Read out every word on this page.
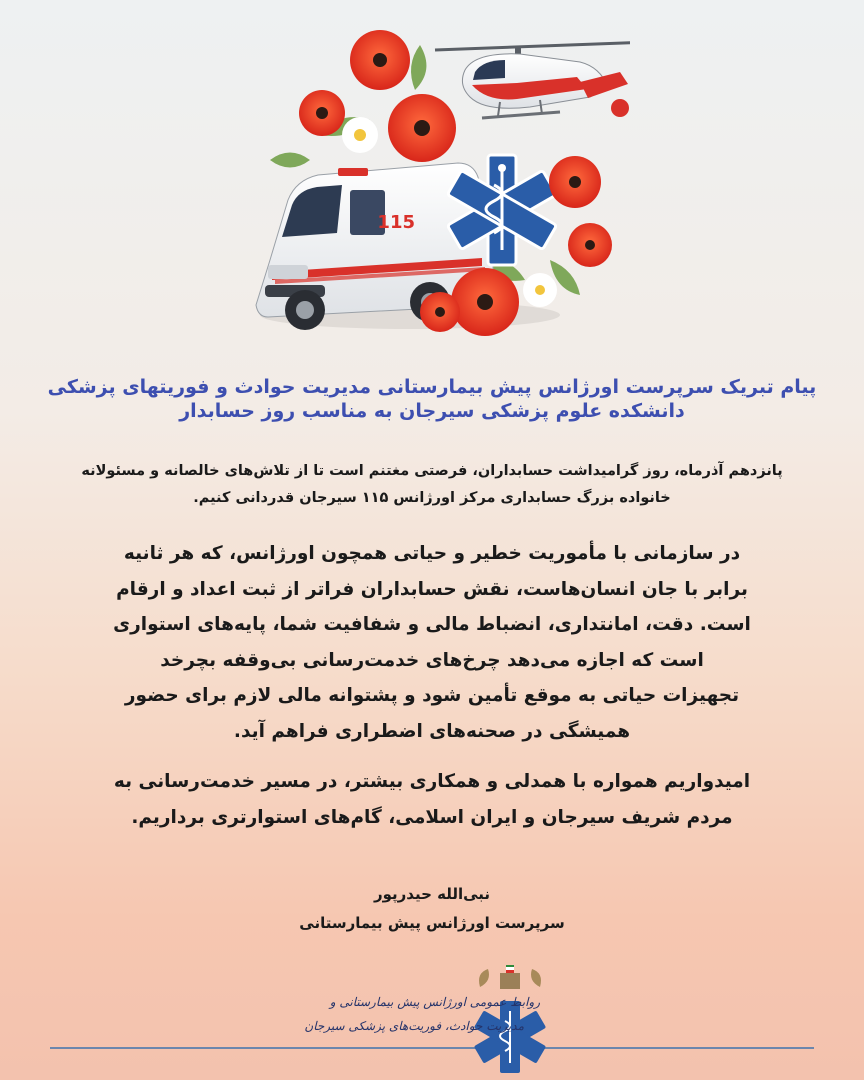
115
پیام تبریک سرپرست اورژانس پیش بیمارستانی مدیریت حوادث و فوریتهای پزشکی
دانشکده علوم پزشکی سیرجان به مناسب روز حسابدار
پانزدهم آذرماه، روز گرامیداشت حسابداران، فرصتی مغتنم است تا از تلاش‌های خالصانه و مسئولانه
خانواده بزرگ حسابداری مرکز اورژانس ۱۱۵ سیرجان قدردانی کنیم.
در سازمانی با مأموریت خطیر و حیاتی همچون اورژانس، که هر ثانیه
برابر با جان انسان‌هاست، نقش حسابداران فراتر از ثبت اعداد و ارقام
است. دقت، امانتداری، انضباط مالی و شفافیت شما، پایه‌های استواری
است که اجازه می‌دهد چرخ‌های خدمت‌رسانی بی‌وقفه بچرخد
تجهیزات حیاتی به موقع تأمین شود و پشتوانه مالی لازم برای حضور
همیشگی در صحنه‌های اضطراری فراهم آید.
امیدواریم همواره با همدلی و همکاری بیشتر، در مسیر خدمت‌رسانی به
مردم شریف سیرجان و ایران اسلامی، گام‌های استوارتری برداریم.
نبی‌الله حیدرپور
سرپرست اورژانس پیش بیمارستانی
روابط عمومی اورژانس پیش بیمارستانی و
مدیریت حوادث، فوریت‌های پزشکی سیرجان
